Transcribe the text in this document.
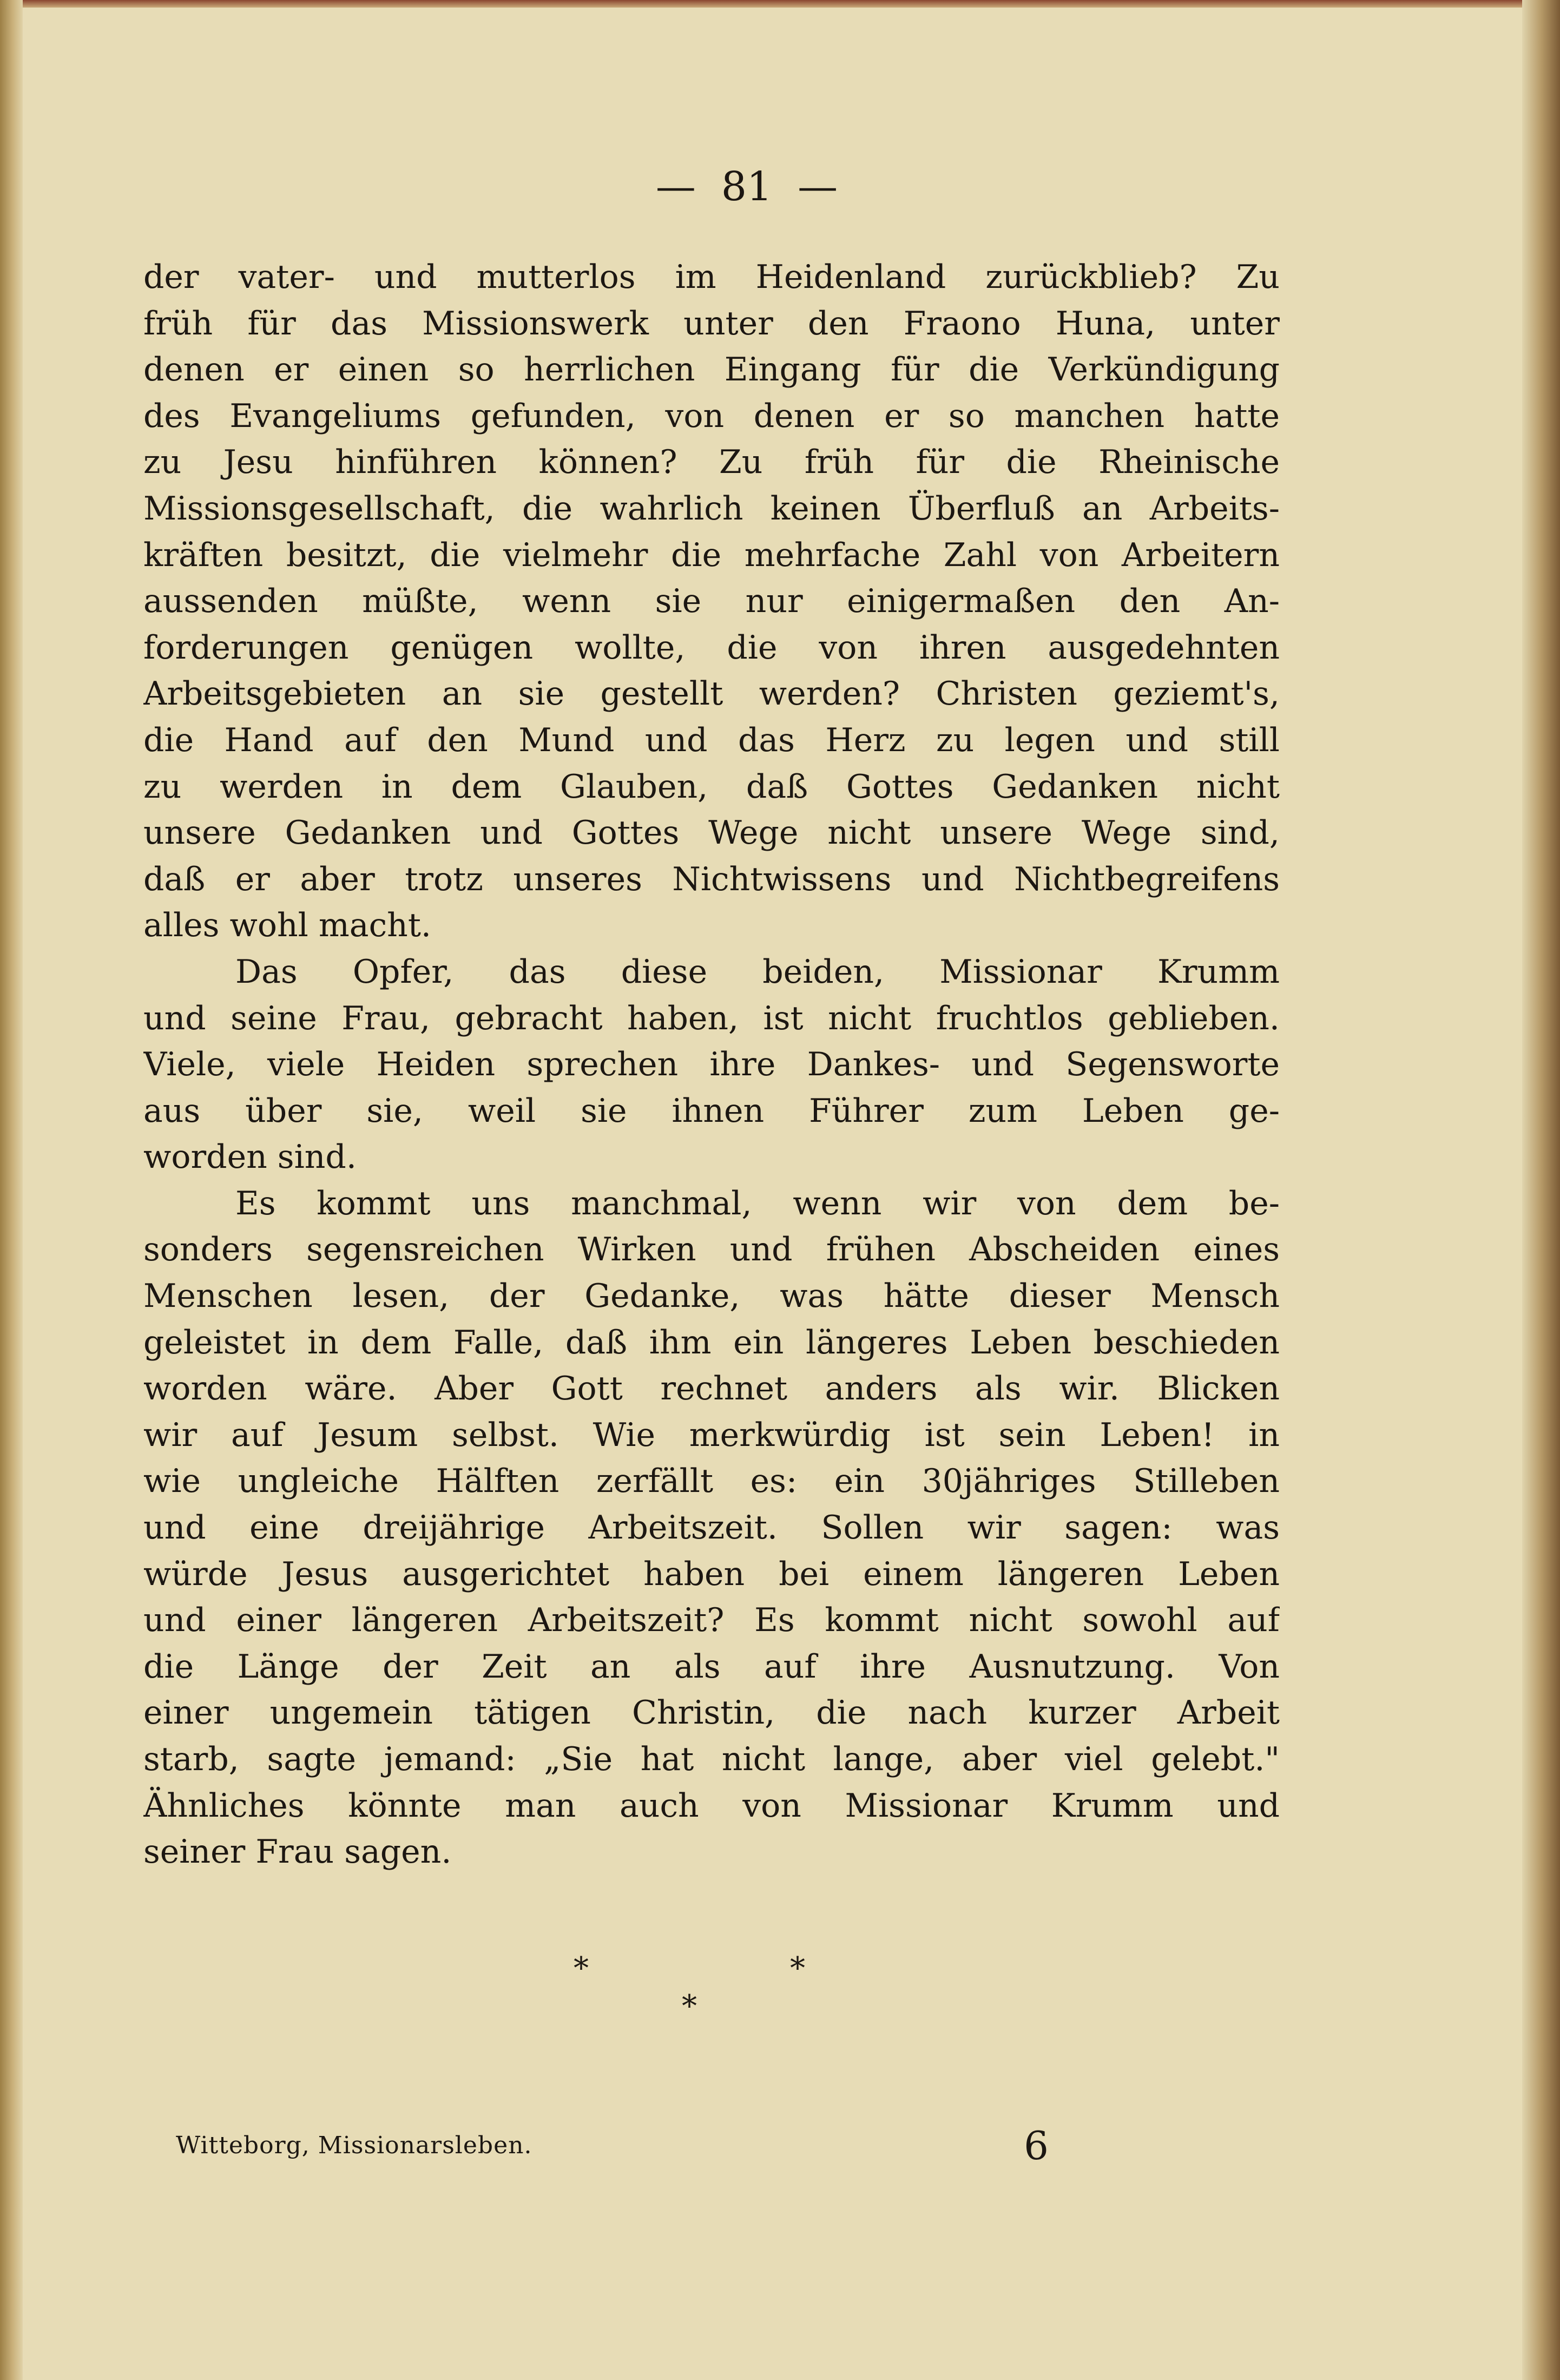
—  81  —
der vater- und mutterlos im Heidenland zurückblieb? Zu
früh für das Missionswerk unter den Fraono Huna, unter
denen er einen so herrlichen Eingang für die Verkündigung
des Evangeliums gefunden, von denen er so manchen hatte
zu Jesu hinführen können? Zu früh für die Rheinische
Missionsgesellschaft, die wahrlich keinen Überfluß an Arbeits-
kräften besitzt, die vielmehr die mehrfache Zahl von Arbeitern
aussenden müßte, wenn sie nur einigermaßen den An-
forderungen genügen wollte, die von ihren ausgedehnten
Arbeitsgebieten an sie gestellt werden? Christen geziemt's,
die Hand auf den Mund und das Herz zu legen und still
zu werden in dem Glauben, daß Gottes Gedanken nicht
unsere Gedanken und Gottes Wege nicht unsere Wege sind,
daß er aber trotz unseres Nichtwissens und Nichtbegreifens
alles wohl macht.
Das Opfer, das diese beiden, Missionar Krumm
und seine Frau, gebracht haben, ist nicht fruchtlos geblieben.
Viele, viele Heiden sprechen ihre Dankes- und Segensworte
aus über sie, weil sie ihnen Führer zum Leben ge-
worden sind.
Es kommt uns manchmal, wenn wir von dem be-
sonders segensreichen Wirken und frühen Abscheiden eines
Menschen lesen, der Gedanke, was hätte dieser Mensch
geleistet in dem Falle, daß ihm ein längeres Leben beschieden
worden wäre. Aber Gott rechnet anders als wir. Blicken
wir auf Jesum selbst. Wie merkwürdig ist sein Leben! in
wie ungleiche Hälften zerfällt es: ein 30jähriges Stilleben
und eine dreijährige Arbeitszeit. Sollen wir sagen: was
würde Jesus ausgerichtet haben bei einem längeren Leben
und einer längeren Arbeitszeit? Es kommt nicht sowohl auf
die Länge der Zeit an als auf ihre Ausnutzung. Von
einer ungemein tätigen Christin, die nach kurzer Arbeit
starb, sagte jemand: „Sie hat nicht lange, aber viel gelebt."
Ähnliches könnte man auch von Missionar Krumm und
seiner Frau sagen.
*	*
*
Witteborg, Missionarsleben.	6
